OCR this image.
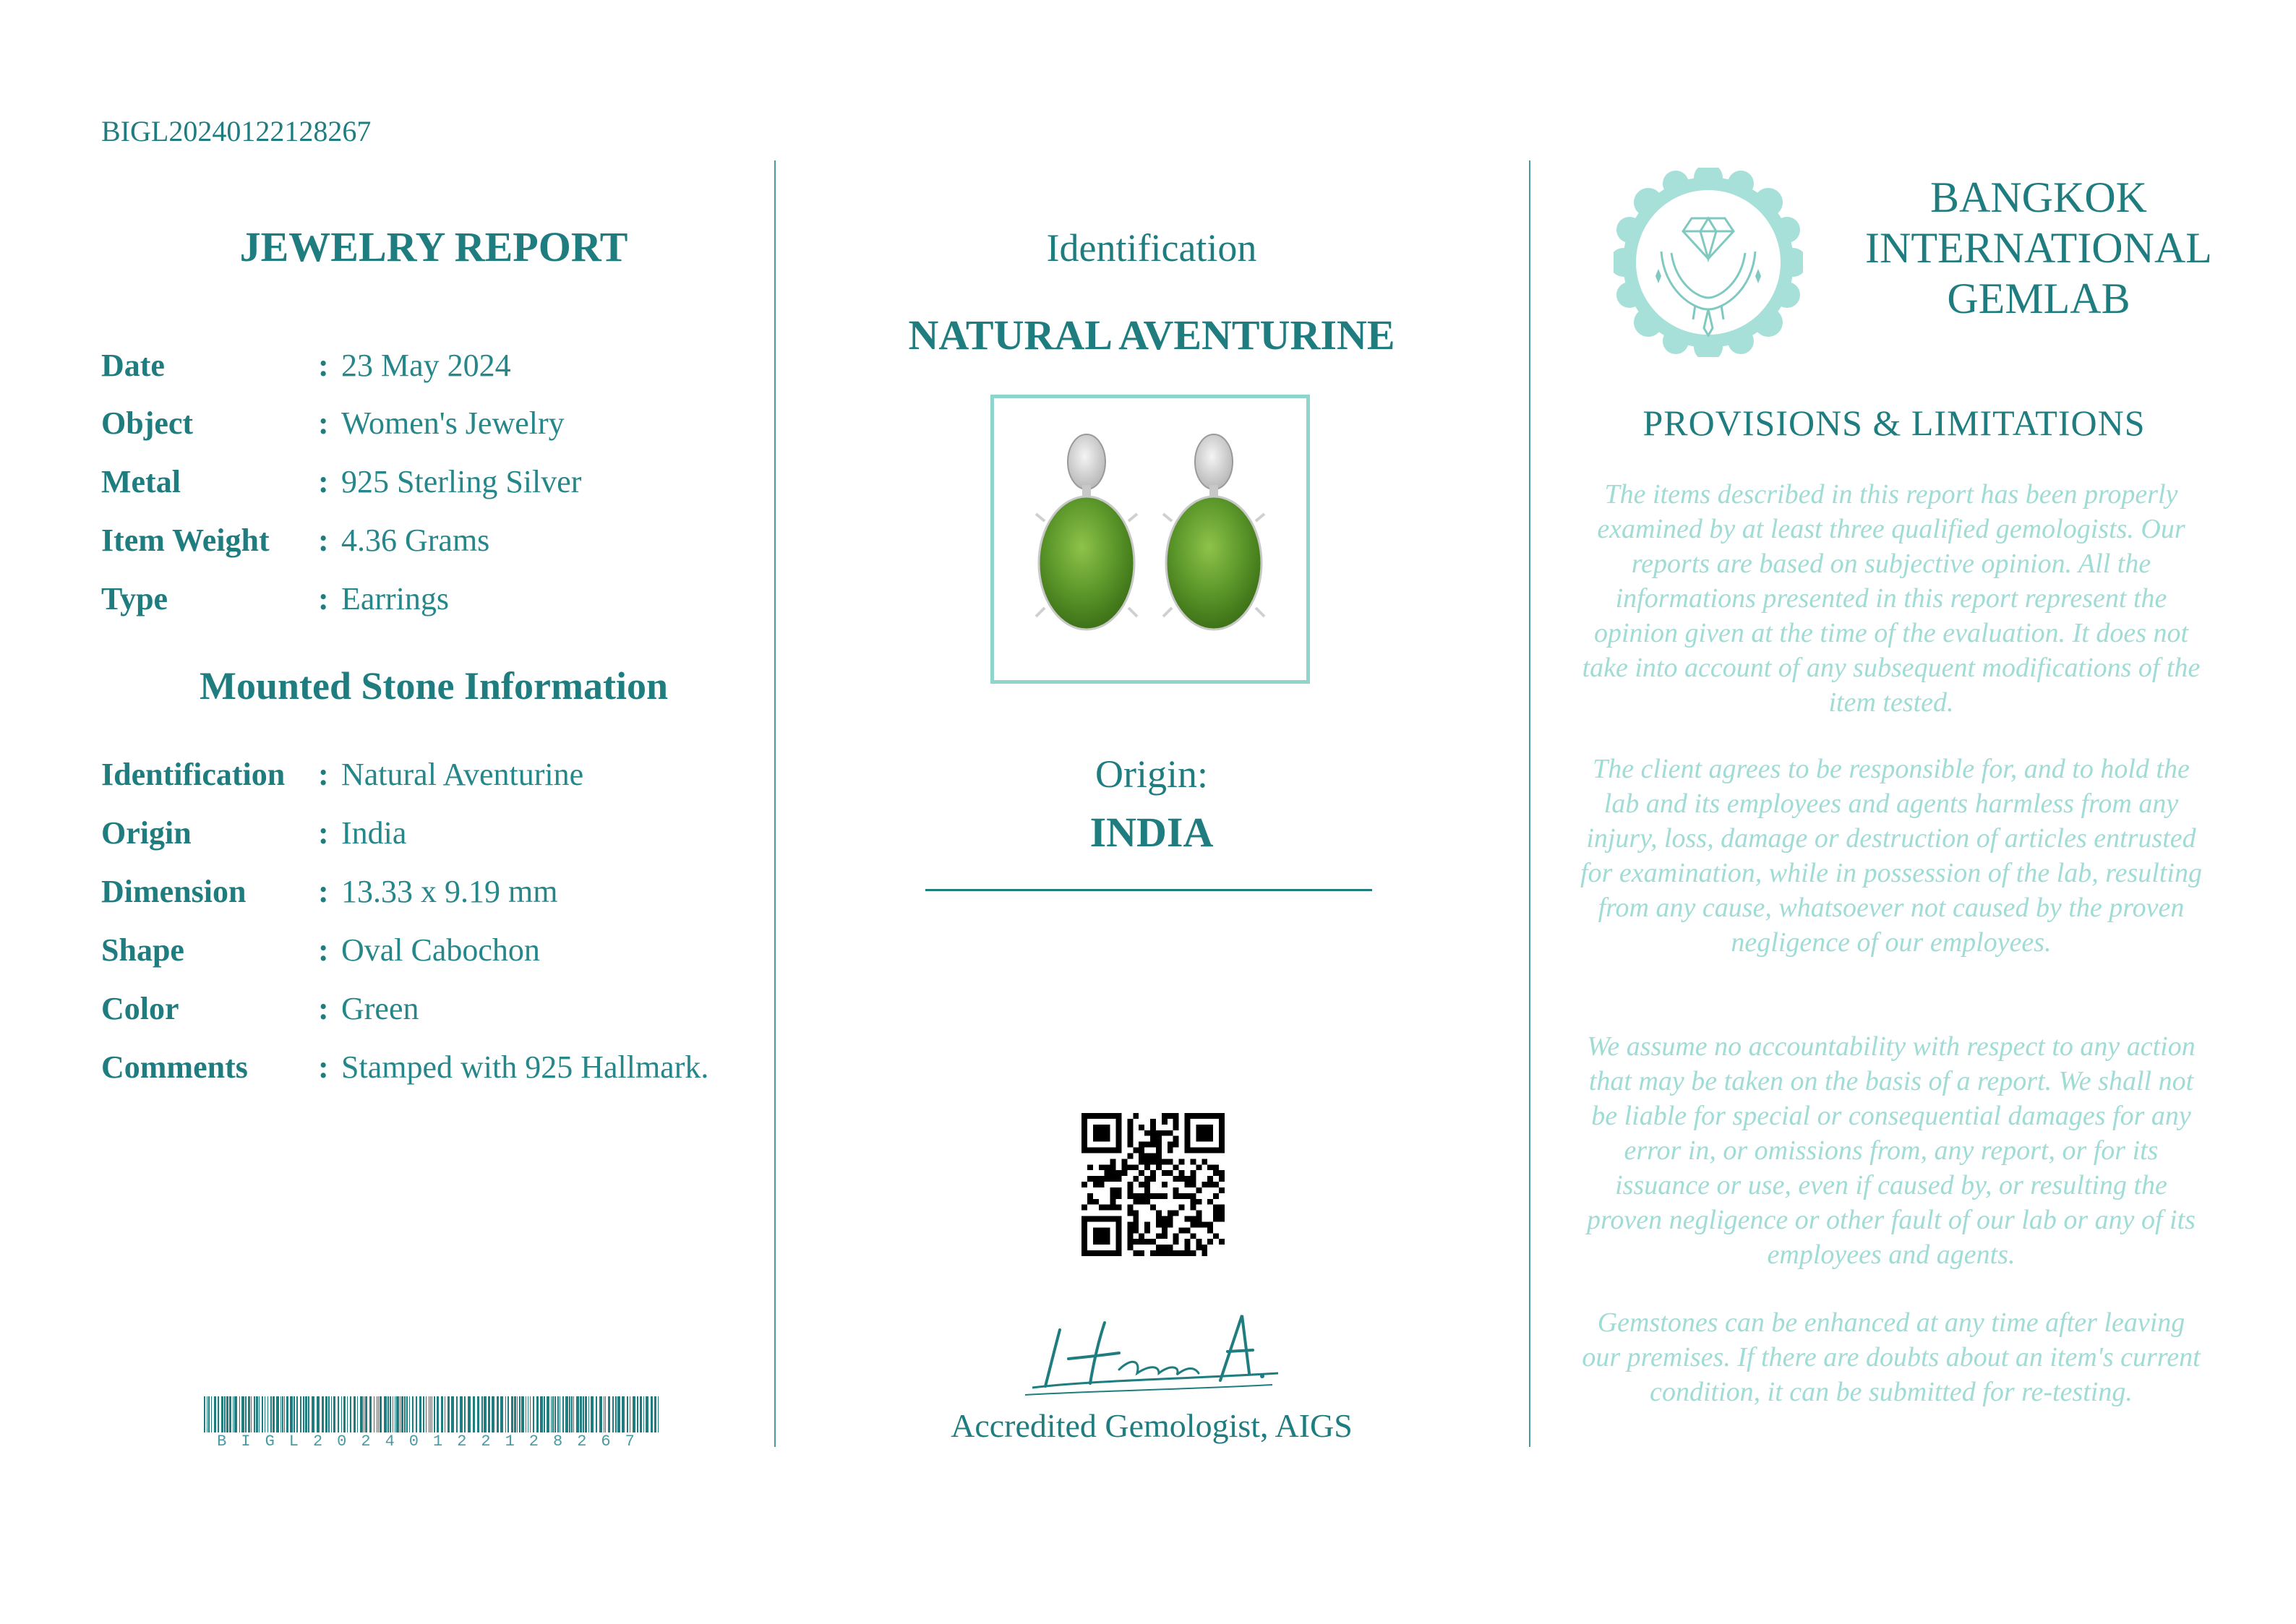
BIGL20240122128267
JEWELRY REPORT
Date	: 23 May 2024
Object	: Women's Jewelry
Metal	: 925 Sterling Silver
Item Weight : 4.36 Grams
Type	: Earrings
Mounted Stone Information
Identification : Natural Aventurine
Origin	: India
Dimension : 13.33 x 9.19 mm
Shape	: Oval Cabochon
Color	: Green
Comments : Stamped with 925 Hallmark.
BIGL20240122128267
Identification
NATURAL AVENTURINE
Origin:
INDIA
Accredited Gemologist, AIGS
BANGKOK
INTERNATIONAL
GEMLAB
PROVISIONS & LIMITATIONS
The items described in this report has been properly examined by at least three qualified gemologists. Our reports are based on subjective opinion. All the informations presented in this report represent the opinion given at the time of the evaluation. It does not take into account of any subsequent modifications of the item tested.
The client agrees to be responsible for, and to hold the lab and its employees and agents harmless from any injury, loss, damage or destruction of articles entrusted for examination, while in possession of the lab, resulting from any cause, whatsoever not caused by the proven negligence of our employees.
We assume no accountability with respect to any action that may be taken on the basis of a report. We shall not be liable for special or consequential damages for any error in, or omissions from, any report, or for its issuance or use, even if caused by, or resulting the proven negligence or other fault of our lab or any of its employees and agents.
Gemstones can be enhanced at any time after leaving our premises. If there are doubts about an item's current condition, it can be submitted for re-testing.
